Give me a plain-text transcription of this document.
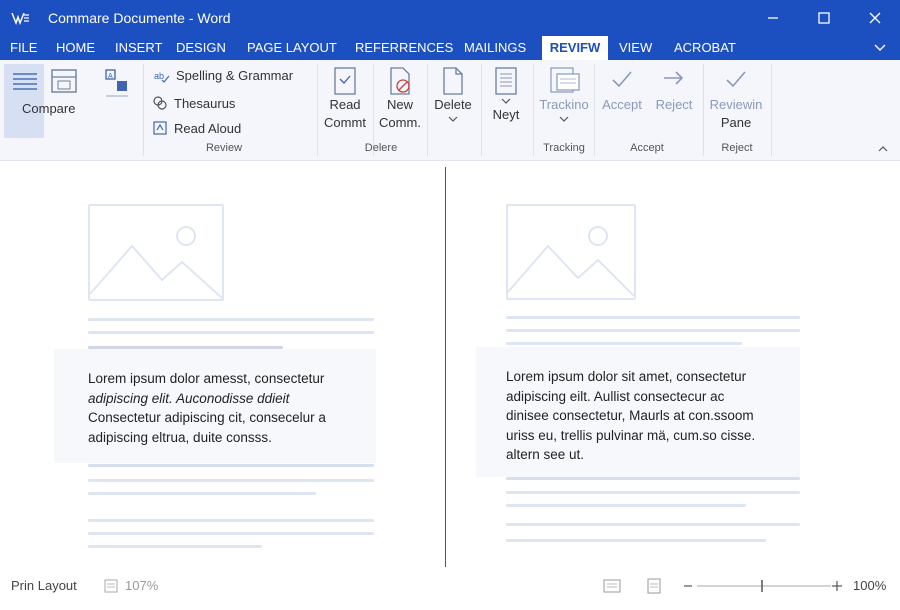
Commare Documente - Word
FILE HOME INSERT DESIGN PAGE LAYOUT REFERRENCES MAILINGS	REVIFW	VIEW ACROBAT
Compare
A	ab Spelling & Grammar
Thesaurus
Read Aloud
Review
Read
Commt
New
Comm.
Delete
Neyt
Delere
Trackino
Tracking
Accept Reject
Accept
Reviewin
Pane
Reject

Lorem ipsum dolor amesst, consectetur

adipiscing elit. Auconodisse ddieit

Consectetur adipiscing cit, consecelur a

adipiscing eltrua, duite consss.

Lorem ipsum dolor sit amet, consectetur

adipiscing eilt. Aullist consectecur ac

dinisee consectetur, Maurls at con.ssoom

uriss eu, trellis pulvinar mä, cum.so cisse.

altern see ut.

Prin Layout	107%	100%
